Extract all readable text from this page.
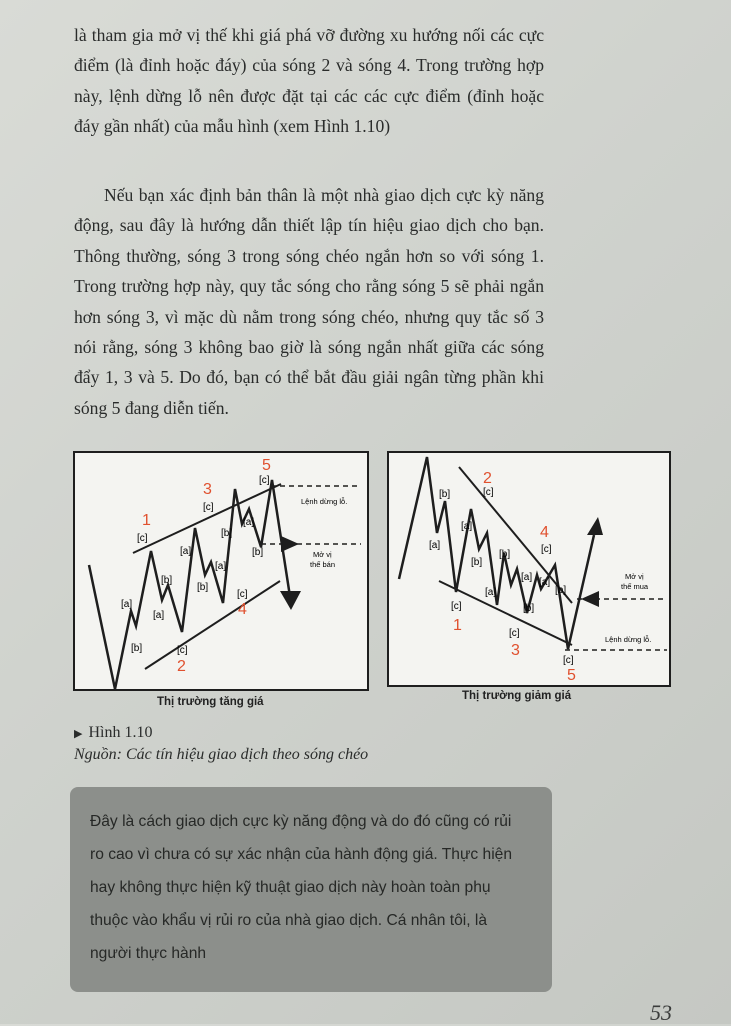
là tham gia mở vị thế khi giá phá vỡ đường xu hướng nối các cực điểm (là đỉnh hoặc đáy) của sóng 2 và sóng 4. Trong trường hợp này, lệnh dừng lỗ nên được đặt tại các các cực điểm (đỉnh hoặc đáy gần nhất) của mẫu hình (xem Hình 1.10)

Nếu bạn xác định bản thân là một nhà giao dịch cực kỳ năng động, sau đây là hướng dẫn thiết lập tín hiệu giao dịch cho bạn. Thông thường, sóng 3 trong sóng chéo ngắn hơn so với sóng 1. Trong trường hợp này, quy tắc sóng cho rằng sóng 5 sẽ phải ngắn hơn sóng 3, vì mặc dù nằm trong sóng chéo, nhưng quy tắc số 3 nói rằng, sóng 3 không bao giờ là sóng ngắn nhất giữa các sóng đẩy 1, 3 và 5. Do đó, bạn có thể bắt đầu giải ngân từng phần khi sóng 5 đang diễn tiến.

1
2
3
4
5
[a]
[b]
[c]
[a]
[b]
[c]
[a]
[b]
[c]
[a]
[b]
[c]
[a]
[b]
[c]
Lệnh dừng lỗ.
Mở vị
thế bán
Thị trường tăng giá
1
2
3
4
5
[a]
[b]
[c]
[a]
[b]
[c]
[a]
[b]
[c]
[a]
[b]
[c]
[a]
[b]
[c]
Mở vị
thế mua
Lệnh dừng lỗ.
Thị trường giảm giá
▶ Hình 1.10
Nguồn: Các tín hiệu giao dịch theo sóng chéo

Đây là cách giao dịch cực kỳ năng động và do đó cũng có rủi ro cao vì chưa có sự xác nhận của hành động giá. Thực hiện hay không thực hiện kỹ thuật giao dịch này hoàn toàn phụ thuộc vào khẩu vị rủi ro của nhà giao dịch. Cá nhân tôi, là người thực hành

53
